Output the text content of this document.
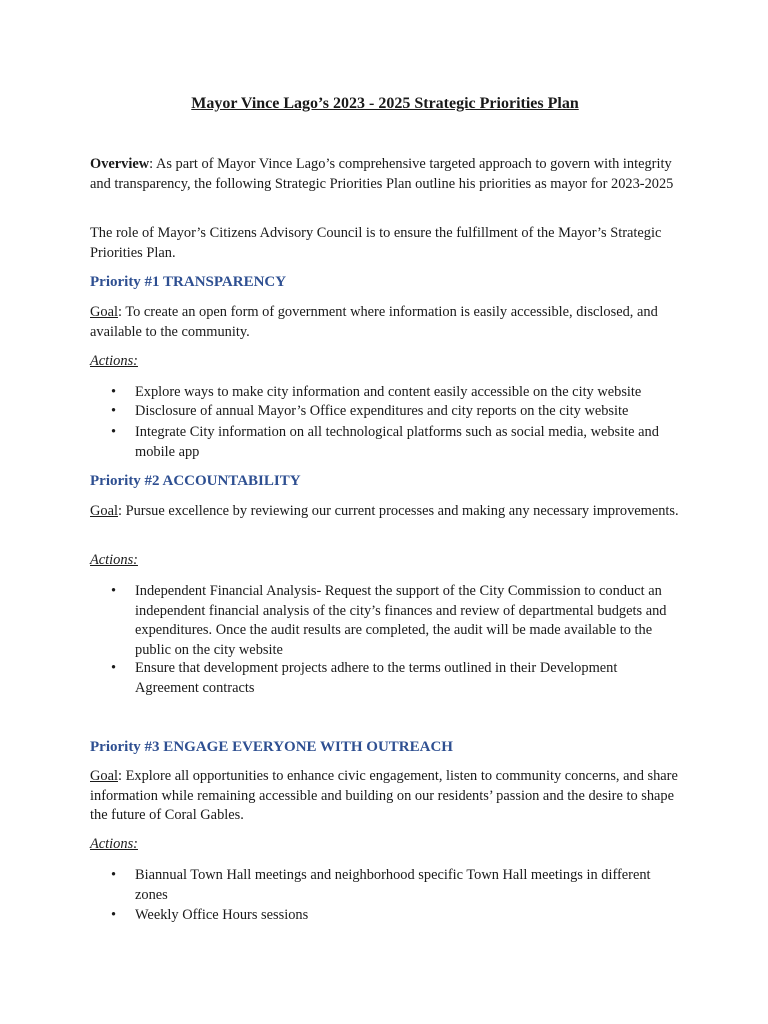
Mayor Vince Lago’s 2023 - 2025 Strategic Priorities Plan
Overview: As part of Mayor Vince Lago’s comprehensive targeted approach to govern with integrity and transparency, the following Strategic Priorities Plan outline his priorities as mayor for 2023-2025
The role of Mayor’s Citizens Advisory Council is to ensure the fulfillment of the Mayor’s Strategic Priorities Plan.
Priority #1 TRANSPARENCY
Goal: To create an open form of government where information is easily accessible, disclosed, and available to the community.
Actions:
• Explore ways to make city information and content easily accessible on the city website
• Disclosure of annual Mayor’s Office expenditures and city reports on the city website
• Integrate City information on all technological platforms such as social media, website and mobile app
Priority #2 ACCOUNTABILITY
Goal: Pursue excellence by reviewing our current processes and making any necessary improvements.
Actions:
• Independent Financial Analysis- Request the support of the City Commission to conduct an independent financial analysis of the city’s finances and review of departmental budgets and expenditures. Once the audit results are completed, the audit will be made available to the public on the city website
• Ensure that development projects adhere to the terms outlined in their Development Agreement contracts
Priority #3 ENGAGE EVERYONE WITH OUTREACH
Goal: Explore all opportunities to enhance civic engagement, listen to community concerns, and share information while remaining accessible and building on our residents’ passion and the desire to shape the future of Coral Gables.
Actions:
• Biannual Town Hall meetings and neighborhood specific Town Hall meetings in different zones
• Weekly Office Hours sessions
